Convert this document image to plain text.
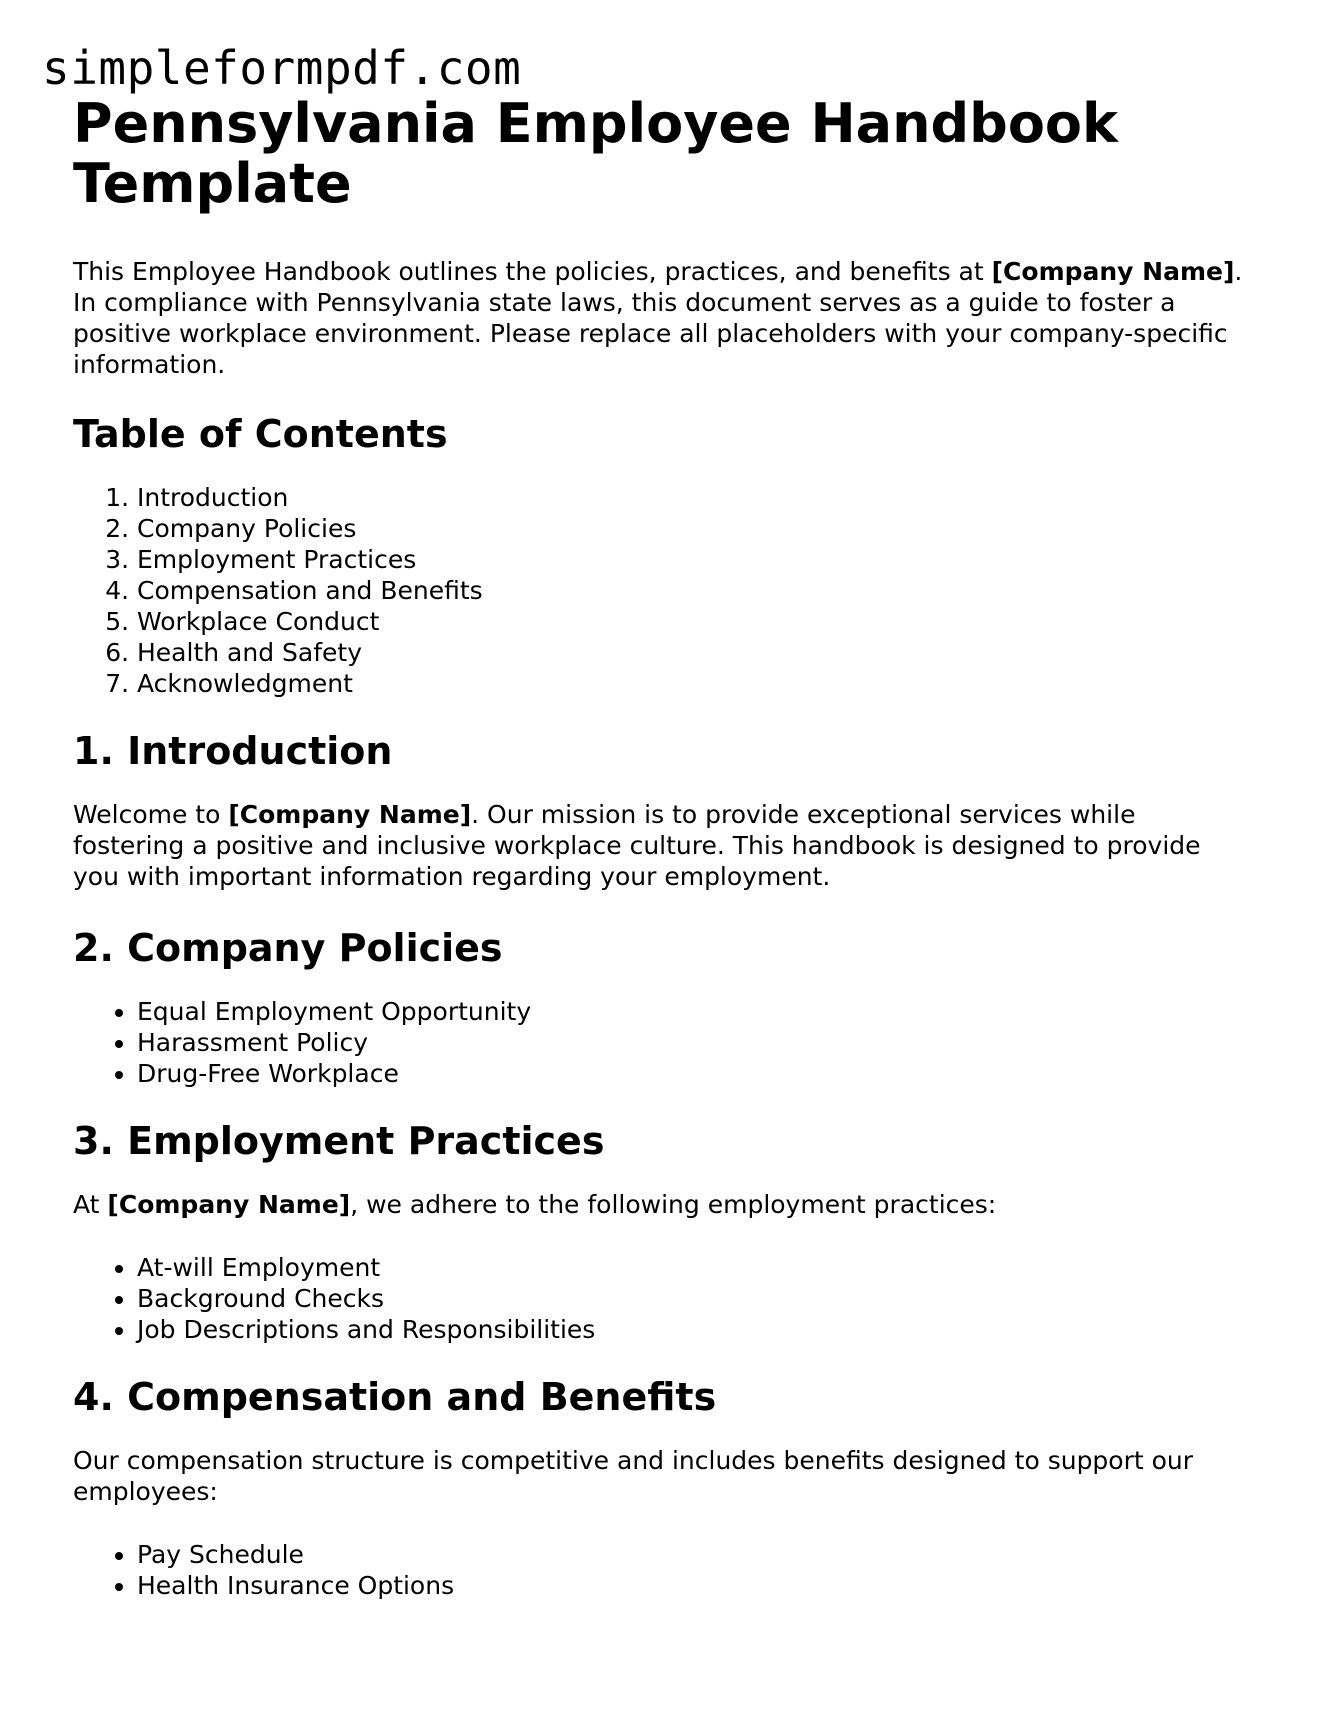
simpleformpdf.com
Pennsylvania Employee Handbook Template

This Employee Handbook outlines the policies, practices, and benefits at [Company Name]. In compliance with Pennsylvania state laws, this document serves as a guide to foster a positive workplace environment. Please replace all placeholders with your company-specific information.

Table of Contents
1. Introduction
2. Company Policies
3. Employment Practices
4. Compensation and Benefits
5. Workplace Conduct
6. Health and Safety
7. Acknowledgment
1. Introduction

Welcome to [Company Name]. Our mission is to provide exceptional services while fostering a positive and inclusive workplace culture. This handbook is designed to provide you with important information regarding your employment.

2. Company Policies
• Equal Employment Opportunity
• Harassment Policy
• Drug-Free Workplace
3. Employment Practices

At [Company Name], we adhere to the following employment practices:

• At-will Employment
• Background Checks
• Job Descriptions and Responsibilities
4. Compensation and Benefits

Our compensation structure is competitive and includes benefits designed to support our employees:

• Pay Schedule
• Health Insurance Options
